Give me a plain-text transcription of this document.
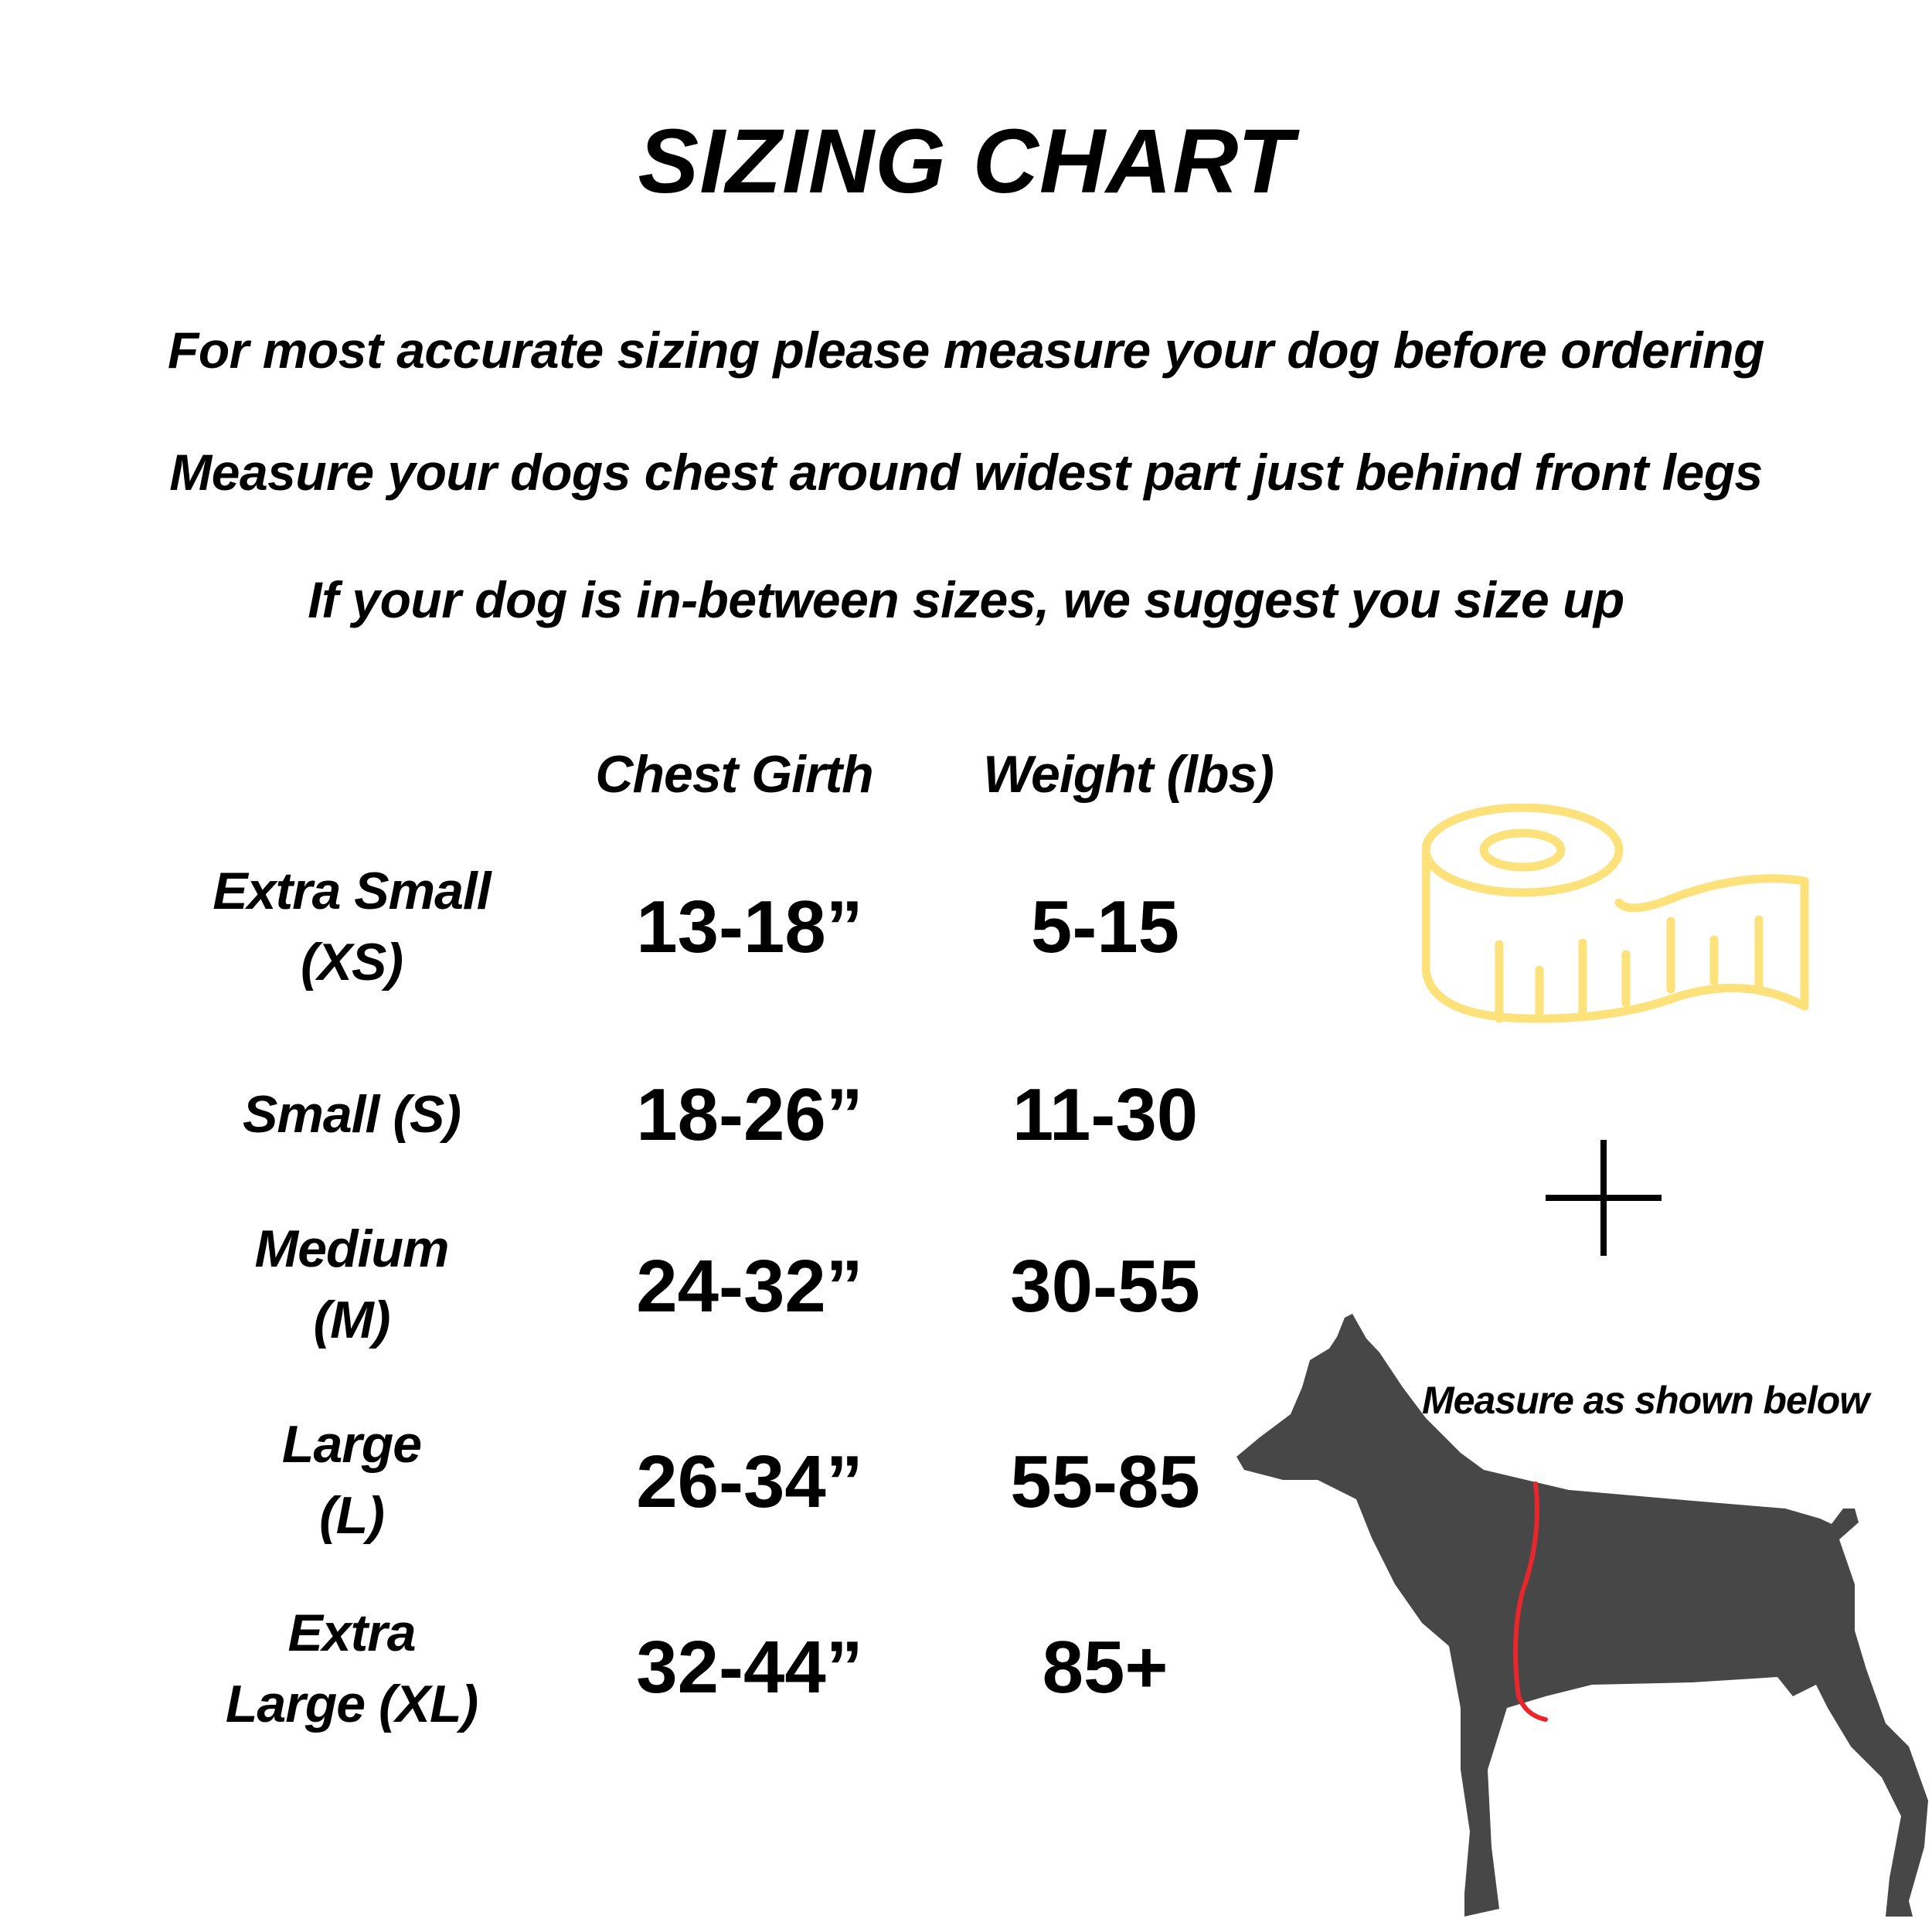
SIZING CHART
For most accurate sizing please measure your dog before ordering
Measure your dogs chest around widest part just behind front legs
If your dog is in-between sizes, we suggest you size up
Chest Girth	Weight (lbs)
Extra Small
(XS)	13-18”	5-15
Small (S)	18-26”	11-30
Medium
(M)	24-32”	30-55
Large
(L)	26-34”	55-85
Extra
Large (XL)	32-44”	85+
Measure as shown below
